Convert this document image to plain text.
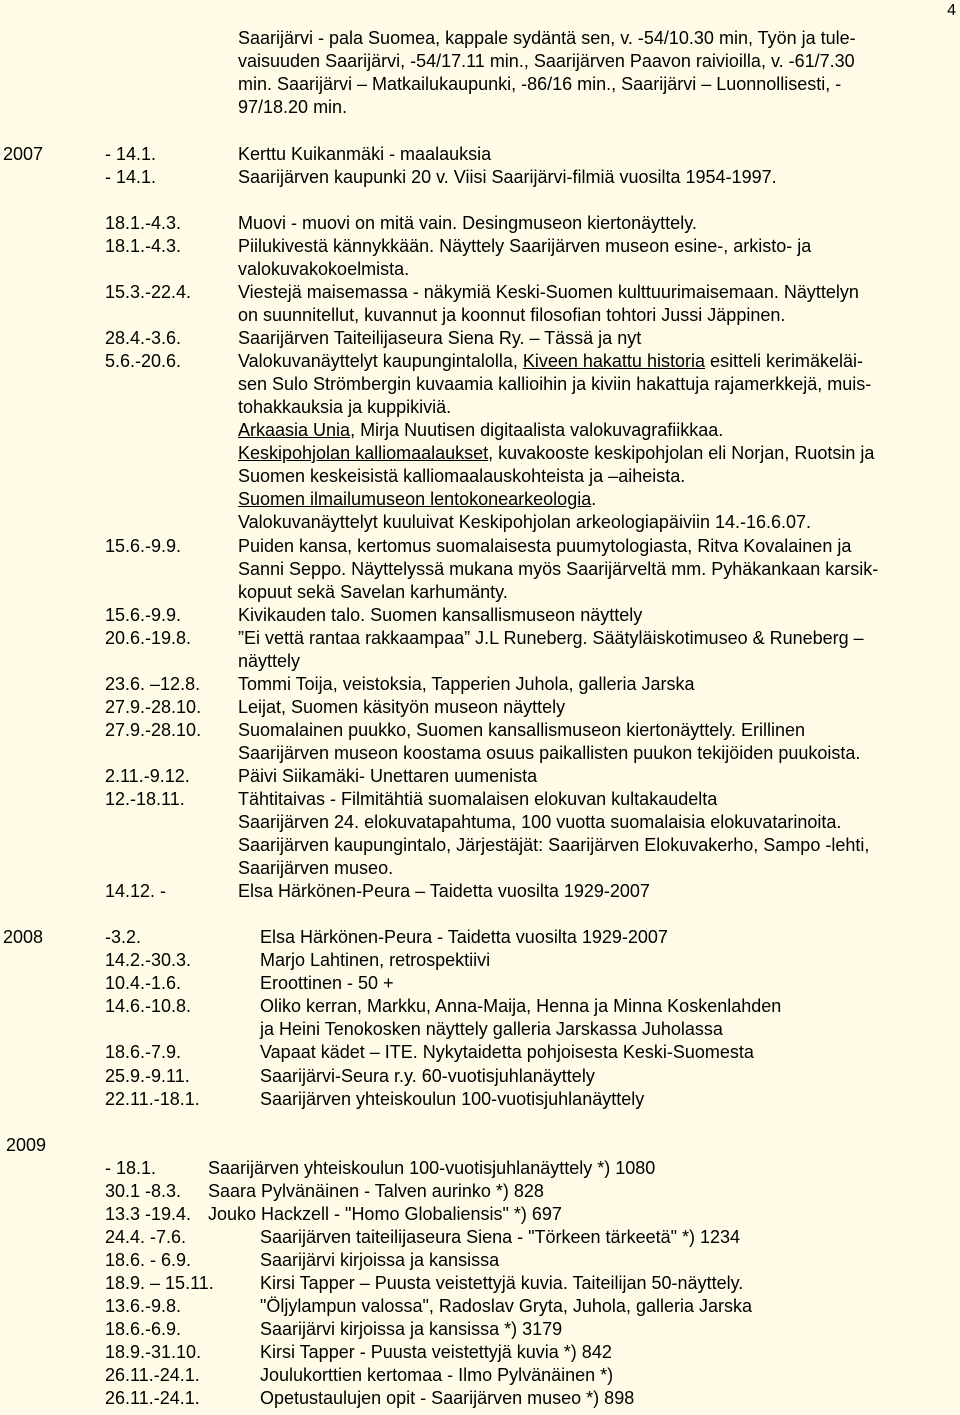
4
Saarijärvi - pala Suomea, kappale sydäntä sen, v. -54/10.30 min, Työn ja tule-
vaisuuden Saarijärvi, -54/17.11 min., Saarijärven Paavon raivioilla, v. -61/7.30
min. Saarijärvi – Matkailukaupunki, -86/16 min., Saarijärvi – Luonnollisesti, -
97/18.20 min.
2007	- 14.1.	Kerttu Kuikanmäki - maalauksia
- 14.1.	Saarijärven kaupunki 20 v. Viisi Saarijärvi-filmiä vuosilta 1954-1997.
18.1.-4.3.	Muovi - muovi on mitä vain. Desingmuseon kiertonäyttely.
18.1.-4.3.	Piilukivestä kännykkään. Näyttely Saarijärven museon esine-, arkisto- ja
valokuvakokoelmista.
15.3.-22.4.	Viestejä maisemassa - näkymiä Keski-Suomen kulttuurimaisemaan. Näyttelyn
on suunnitellut, kuvannut ja koonnut filosofian tohtori Jussi Jäppinen.
28.4.-3.6.	Saarijärven Taiteilijaseura Siena Ry. – Tässä ja nyt
5.6.-20.6.	Valokuvanäyttelyt kaupungintalolla, Kiveen hakattu historia esitteli kerimäkeläi-
sen Sulo Strömbergin kuvaamia kallioihin ja kiviin hakattuja rajamerkkejä, muis-
tohakkauksia ja kuppikiviä.
Arkaasia Unia, Mirja Nuutisen digitaalista valokuvagrafiikkaa.
Keskipohjolan kalliomaalaukset, kuvakooste keskipohjolan eli Norjan, Ruotsin ja
Suomen keskeisistä kalliomaalauskohteista ja –aiheista.
Suomen ilmailumuseon lentokonearkeologia.
Valokuvanäyttelyt kuuluivat Keskipohjolan arkeologiapäiviin 14.-16.6.07.
15.6.-9.9.	Puiden kansa, kertomus suomalaisesta puumytologiasta, Ritva Kovalainen ja
Sanni Seppo. Näyttelyssä mukana myös Saarijärveltä mm. Pyhäkankaan karsik-
kopuut sekä Savelan karhumänty.
15.6.-9.9.	Kivikauden talo. Suomen kansallismuseon näyttely
20.6.-19.8.	”Ei vettä rantaa rakkaampaa” J.L Runeberg. Säätyläiskotimuseo & Runeberg –
näyttely
23.6. –12.8. Tommi Toija, veistoksia, Tapperien Juhola, galleria Jarska
27.9.-28.10. Leijat, Suomen käsityön museon näyttely
27.9.-28.10. Suomalainen puukko, Suomen kansallismuseon kiertonäyttely. Erillinen
Saarijärven museon koostama osuus paikallisten puukon tekijöiden puukoista.
2.11.-9.12.	Päivi Siikamäki- Unettaren uumenista
12.-18.11.	Tähtitaivas - Filmitähtiä suomalaisen elokuvan kultakaudelta
Saarijärven 24. elokuvatapahtuma, 100 vuotta suomalaisia elokuvatarinoita.
Saarijärven kaupungintalo, Järjestäjät: Saarijärven Elokuvakerho, Sampo -lehti,
Saarijärven museo.
14.12. -	Elsa Härkönen-Peura – Taidetta vuosilta 1929-2007
2008	-3.2.	Elsa Härkönen-Peura - Taidetta vuosilta 1929-2007
14.2.-30.3.	Marjo Lahtinen, retrospektiivi
10.4.-1.6.	Eroottinen - 50 +
14.6.-10.8.	Oliko kerran, Markku, Anna-Maija, Henna ja Minna Koskenlahden
ja Heini Tenokosken näyttely galleria Jarskassa Juholassa
18.6.-7.9.	Vapaat kädet – ITE. Nykytaidetta pohjoisesta Keski-Suomesta
25.9.-9.11.	Saarijärvi-Seura r.y. 60-vuotisjuhlanäyttely
22.11.-18.1.	Saarijärven yhteiskoulun 100-vuotisjuhlanäyttely
2009
- 18.1.	Saarijärven yhteiskoulun 100-vuotisjuhlanäyttely *) 1080
30.1 -8.3. Saara Pylvänäinen - Talven aurinko *) 828
13.3 -19.4. Jouko Hackzell - "Homo Globaliensis" *) 697
24.4. -7.6.	Saarijärven taiteilijaseura Siena - "Törkeen tärkeetä" *) 1234
18.6. - 6.9.	Saarijärvi kirjoissa ja kansissa
18.9. – 15.11.	Kirsi Tapper – Puusta veistettyjä kuvia. Taiteilijan 50-näyttely.
13.6.-9.8.	"Öljylampun valossa", Radoslav Gryta, Juhola, galleria Jarska
18.6.-6.9.	Saarijärvi kirjoissa ja kansissa *) 3179
18.9.-31.10.	Kirsi Tapper - Puusta veistettyjä kuvia *) 842
26.11.-24.1.	Joulukorttien kertomaa - Ilmo Pylvänäinen *)
26.11.-24.1.	Opetustaulujen opit - Saarijärven museo *) 898
